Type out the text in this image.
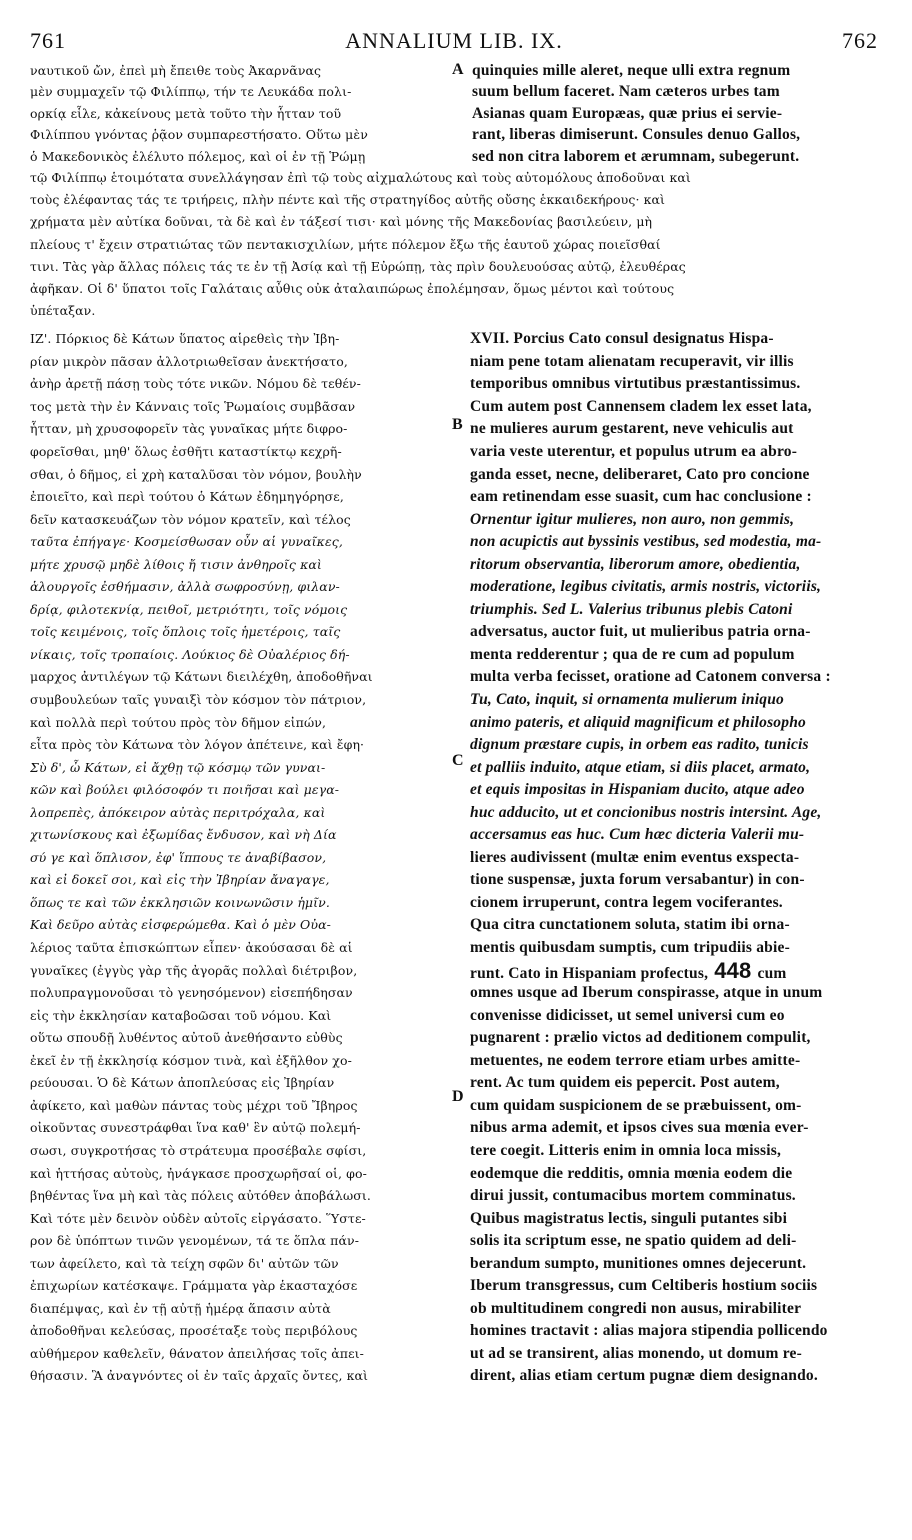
761	ANNALIUM LIB. IX.	762
ναυτικοῦ ὤν, ἐπεὶ μὴ ἔπειθε τοὺς Ἀκαρνᾶνας
μὲν συμμαχεῖν τῷ Φιλίππῳ, τήν τε Λευκάδα πολι-
ορκίᾳ εἷλε, κἀκείνους μετὰ τοῦτο τὴν ἧτταν τοῦ
Φιλίππου γνόντας ῥᾷον συμπαρεστήσατο. Οὕτω μὲν
ὁ Μακεδονικὸς ἐλέλυτο πόλεμος, καὶ οἱ ἐν τῇ Ῥώμῃ
A quinquies mille aleret, neque ulli extra regnum
suum bellum faceret. Nam cæteros urbes tam
Asianas quam Europæas, quæ prius ei servie-
rant, liberas dimiserunt. Consules denuo Gallos,
sed non citra laborem et ærumnam, subegerunt.
τῷ Φιλίππῳ ἑτοιμότατα συνελλάγησαν ἐπὶ τῷ τοὺς αἰχμαλώτους καὶ τοὺς αὐτομόλους ἀποδοῦναι καὶ
τοὺς ἐλέφαντας τάς τε τριήρεις, πλὴν πέντε καὶ τῆς στρατηγίδος αὐτῆς οὔσης ἑκκαιδεκήρους· καὶ
χρήματα μὲν αὐτίκα δοῦναι, τὰ δὲ καὶ ἐν τάξεσί τισι· καὶ μόνης τῆς Μακεδονίας βασιλεύειν, μὴ
πλείους τ' ἔχειν στρατιώτας τῶν πεντακισχιλίων, μήτε πόλεμον ἔξω τῆς ἑαυτοῦ χώρας ποιεῖσθαί
τινι. Τὰς γὰρ ἄλλας πόλεις τάς τε ἐν τῇ Ἀσίᾳ καὶ τῇ Εὐρώπῃ, τὰς πρὶν δουλευούσας αὐτῷ, ἐλευθέρας
ἀφῆκαν. Οἱ δ' ὕπατοι τοῖς Γαλάταις αὖθις οὐκ ἀταλαιπώρως ἐπολέμησαν, ὅμως μέντοι καὶ τούτους
ὑπέταξαν.
ΙΖ'. Πόρκιος δὲ Κάτων ὕπατος αἱρεθεὶς τὴν Ἰβη-
ρίαν μικρὸν πᾶσαν ἀλλοτριωθεῖσαν ἀνεκτήσατο,
ἀνὴρ ἀρετῇ πάσῃ τοὺς τότε νικῶν. Νόμου δὲ τεθέν-
τος μετὰ τὴν ἐν Κάνναις τοῖς Ῥωμαίοις συμβᾶσαν
ἧτταν, μὴ χρυσοφορεῖν τὰς γυναῖκας μήτε διφρο-
φορεῖσθαι, μηθ' ὅλως ἐσθῆτι καταστίκτῳ κεχρῆ-
σθαι, ὁ δῆμος, εἰ χρὴ καταλῦσαι τὸν νόμον, βουλὴν
ἐποιεῖτο, καὶ περὶ τούτου ὁ Κάτων ἐδημηγόρησε,
δεῖν κατασκευάζων τὸν νόμον κρατεῖν, καὶ τέλος
ταῦτα ἐπήγαγε· Κοσμείσθωσαν οὖν αἱ γυναῖκες,
μήτε χρυσῷ μηδὲ λίθοις ἤ τισιν ἀνθηροῖς καὶ
ἁλουργοῖς ἐσθήμασιν, ἀλλὰ σωφροσύνῃ, φιλαν-
δρίᾳ, φιλοτεκνίᾳ, πειθοῖ, μετριότητι, τοῖς νόμοις
τοῖς κειμένοις, τοῖς ὅπλοις τοῖς ἡμετέροις, ταῖς
νίκαις, τοῖς τροπαίοις. Λούκιος δὲ Οὐαλέριος δή-
μαρχος ἀντιλέγων τῷ Κάτωνι διειλέχθη, ἀποδοθῆναι
συμβουλεύων ταῖς γυναιξὶ τὸν κόσμον τὸν πάτριον,
καὶ πολλὰ περὶ τούτου πρὸς τὸν δῆμον εἰπών,
εἶτα πρὸς τὸν Κάτωνα τὸν λόγον ἀπέτεινε, καὶ ἔφη·
Σὺ δ', ὦ Κάτων, εἰ ἄχθῃ τῷ κόσμῳ τῶν γυναι-
κῶν καὶ βούλει φιλόσοφόν τι ποιῆσαι καὶ μεγα-
λοπρεπὲς, ἀπόκειρον αὐτὰς περιτρόχαλα, καὶ
χιτωνίσκους καὶ ἐξωμίδας ἔνδυσον, καὶ νὴ Δία
σύ γε καὶ ὅπλισον, ἐφ' ἵππους τε ἀναβίβασον,
καὶ εἰ δοκεῖ σοι, καὶ εἰς τὴν Ἰβηρίαν ἄναγαγε,
ὅπως τε καὶ τῶν ἐκκλησιῶν κοινωνῶσιν ἡμῖν.
Καὶ δεῦρο αὐτὰς εἰσφερώμεθα. Καὶ ὁ μὲν Οὐα-
λέριος ταῦτα ἐπισκώπτων εἶπεν· ἀκούσασαι δὲ αἱ
γυναῖκες (ἐγγὺς γὰρ τῆς ἀγορᾶς πολλαὶ διέτριβον,
πολυπραγμονοῦσαι τὸ γενησόμενον) εἰσεπήδησαν
εἰς τὴν ἐκκλησίαν καταβοῶσαι τοῦ νόμου. Καὶ
οὕτω σπουδῇ λυθέντος αὐτοῦ ἀνεθήσαντο εὐθὺς
ἐκεῖ ἐν τῇ ἐκκλησίᾳ κόσμον τινὰ, καὶ ἐξῆλθον χο-
ρεύουσαι. Ὁ δὲ Κάτων ἀποπλεύσας εἰς Ἰβηρίαν
ἀφίκετο, καὶ μαθὼν πάντας τοὺς μέχρι τοῦ Ἴβηρος
οἰκοῦντας συνεστράφθαι ἵνα καθ' ἓν αὐτῷ πολεμή-
σωσι, συγκροτήσας τὸ στράτευμα προσέβαλε σφίσι,
καὶ ἡττήσας αὐτοὺς, ἠνάγκασε προσχωρῆσαί οἱ, φο-
βηθέντας ἵνα μὴ καὶ τὰς πόλεις αὐτόθεν ἀποβάλωσι.
Καὶ τότε μὲν δεινὸν οὐδὲν αὐτοῖς εἰργάσατο. Ὕστε-
ρον δὲ ὑπόπτων τινῶν γενομένων, τά τε ὅπλα πάν-
των ἀφείλετο, καὶ τὰ τείχη σφῶν δι' αὐτῶν τῶν
ἐπιχωρίων κατέσκαψε. Γράμματα γὰρ ἑκασταχόσε
διαπέμψας, καὶ ἐν τῇ αὐτῇ ἡμέρᾳ ἅπασιν αὐτὰ
ἀποδοθῆναι κελεύσας, προσέταξε τοὺς περιβόλους
αὐθήμερον καθελεῖν, θάνατον ἀπειλήσας τοῖς ἀπει-
θήσασιν. Ἃ ἀναγνόντες οἱ ἐν ταῖς ἀρχαῖς ὄντες, καὶ
B
C
D
XVII. Porcius Cato consul designatus Hispa-
niam pene totam alienatam recuperavit, vir illis
temporibus omnibus virtutibus præstantissimus.
Cum autem post Cannensem cladem lex esset lata,
ne mulieres aurum gestarent, neve vehiculis aut
varia veste uterentur, et populus utrum ea abro-
ganda esset, necne, deliberaret, Cato pro concione
eam retinendam esse suasit, cum hac conclusione :
Ornentur igitur mulieres, non auro, non gemmis,
non acupictis aut byssinis vestibus, sed modestia, ma-
ritorum observantia, liberorum amore, obedientia,
moderatione, legibus civitatis, armis nostris, victoriis,
triumphis. Sed L. Valerius tribunus plebis Catoni
adversatus, auctor fuit, ut mulieribus patria orna-
menta redderentur ; qua de re cum ad populum
multa verba fecisset, oratione ad Catonem conversa :
Tu, Cato, inquit, si ornamenta mulierum iniquo
animo pateris, et aliquid magnificum et philosopho
dignum præstare cupis, in orbem eas radito, tunicis
et palliis induito, atque etiam, si diis placet, armato,
et equis impositas in Hispaniam ducito, atque adeo
huc adducito, ut et concionibus nostris intersint. Age,
accersamus eas huc. Cum hæc dicteria Valerii mu-
lieres audivissent (multæ enim eventus exspecta-
tione suspensæ, juxta forum versabantur) in con-
cionem irruperunt, contra legem vociferantes.
Qua citra cunctationem soluta, statim ibi orna-
mentis quibusdam sumptis, cum tripudiis abie-
runt. Cato in Hispaniam profectus, 448 cum
omnes usque ad Iberum conspirasse, atque in unum
convenisse didicisset, ut semel universi cum eo
pugnarent : prælio victos ad deditionem compulit,
metuentes, ne eodem terrore etiam urbes amitte-
rent. Ac tum quidem eis pepercit. Post autem,
cum quidam suspicionem de se præbuissent, om-
nibus arma ademit, et ipsos cives sua mœnia ever-
tere coegit. Litteris enim in omnia loca missis,
eodemque die redditis, omnia mœnia eodem die
dirui jussit, contumacibus mortem comminatus.
Quibus magistratus lectis, singuli putantes sibi
solis ita scriptum esse, ne spatio quidem ad deli-
berandum sumpto, munitiones omnes dejecerunt.
Iberum transgressus, cum Celtiberis hostium sociis
ob multitudinem congredi non ausus, mirabiliter
homines tractavit : alias majora stipendia pollicendo
ut ad se transirent, alias monendo, ut domum re-
dirent, alias etiam certum pugnæ diem designando.
